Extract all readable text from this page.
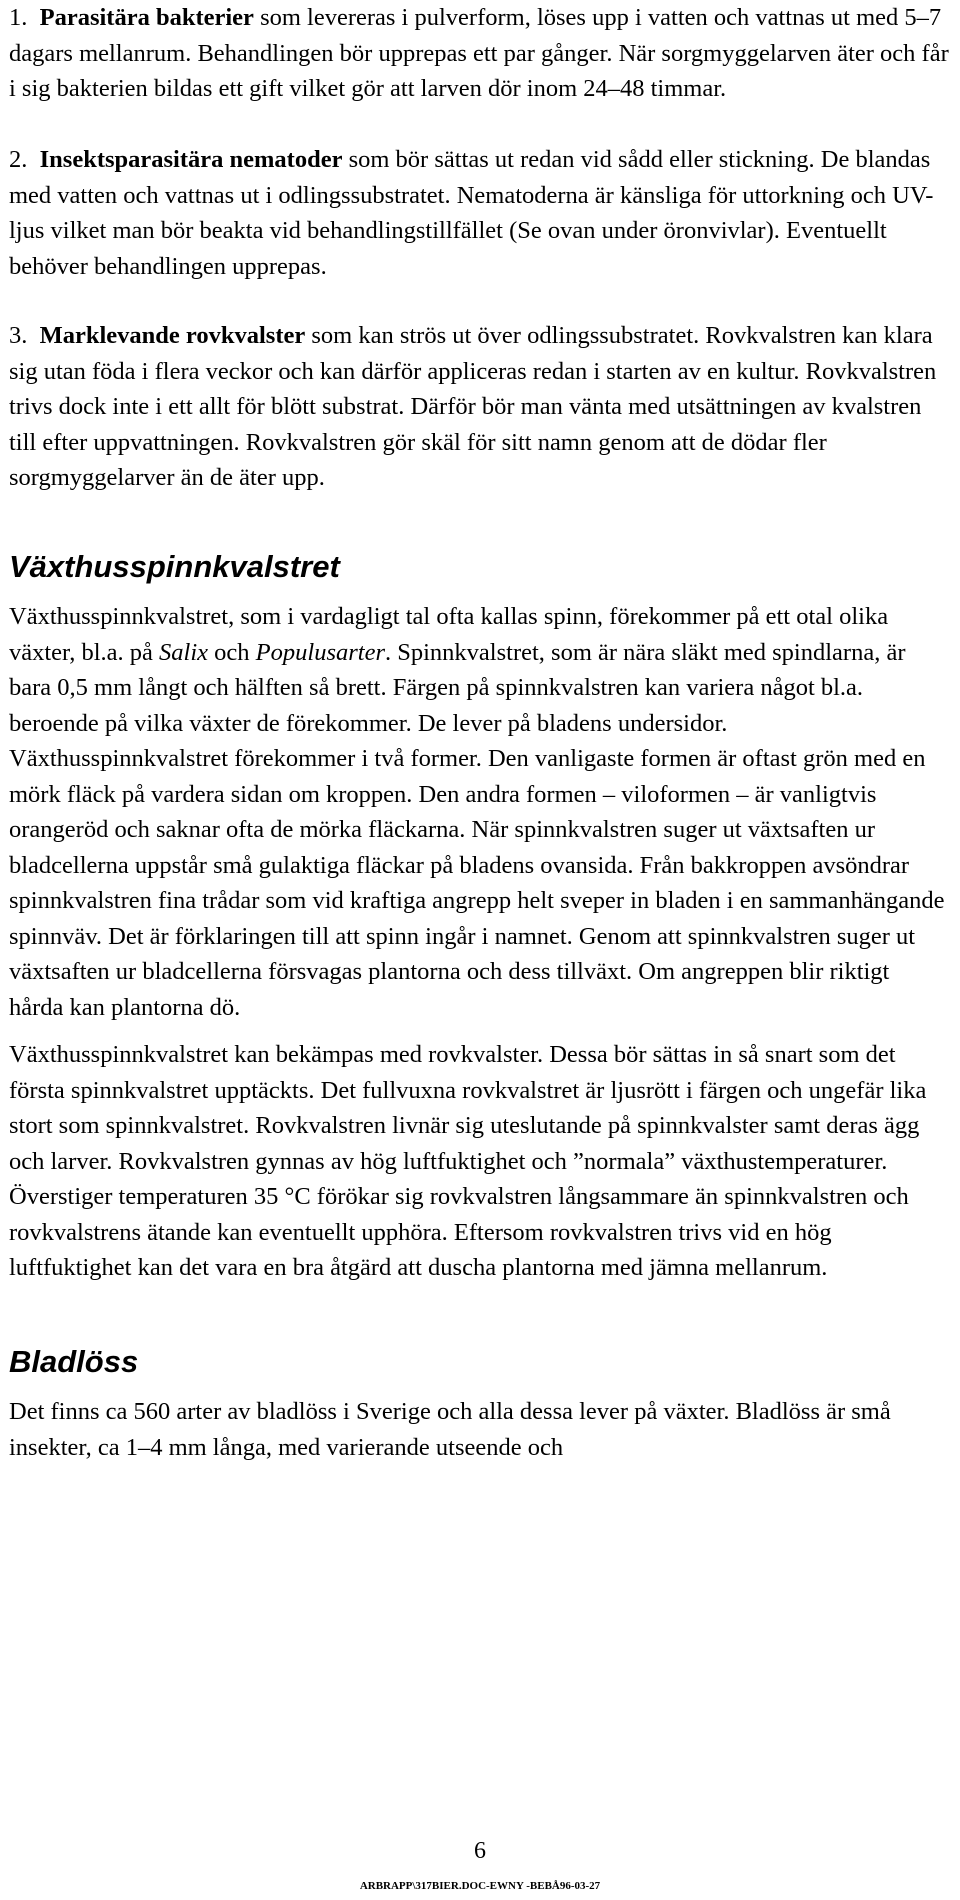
1. Parasitära bakterier som levereras i pulverform, löses upp i vatten och vattnas ut med 5–7 dagars mellanrum. Behandlingen bör upprepas ett par gånger. När sorgmyggelarven äter och får i sig bakterien bildas ett gift vilket gör att larven dör inom 24–48 timmar.

2. Insektsparasitära nematoder som bör sättas ut redan vid sådd eller stickning. De blandas med vatten och vattnas ut i odlingssubstratet. Nematoderna är känsliga för uttorkning och UV-ljus vilket man bör beakta vid behandlingstillfället (Se ovan under öronvivlar). Eventuellt behöver behandlingen upprepas.

3. Marklevande rovkvalster som kan strös ut över odlingssubstratet. Rovkvalstren kan klara sig utan föda i flera veckor och kan därför appliceras redan i starten av en kultur. Rovkvalstren trivs dock inte i ett allt för blött substrat. Därför bör man vänta med utsättningen av kvalstren till efter uppvattningen. Rovkvalstren gör skäl för sitt namn genom att de dödar fler sorgmyggelarver än de äter upp.

Växthusspinnkvalstret

Växthusspinnkvalstret, som i vardagligt tal ofta kallas spinn, förekommer på ett otal olika växter, bl.a. på Salix och Populusarter. Spinnkvalstret, som är nära släkt med spindlarna, är bara 0,5 mm långt och hälften så brett. Färgen på spinnkvalstren kan variera något bl.a. beroende på vilka växter de förekommer. De lever på bladens undersidor. Växthusspinnkvalstret förekommer i två former. Den vanligaste formen är oftast grön med en mörk fläck på vardera sidan om kroppen. Den andra formen – viloformen – är vanligtvis orangeröd och saknar ofta de mörka fläckarna. När spinnkvalstren suger ut växtsaften ur bladcellerna uppstår små gulaktiga fläckar på bladens ovansida. Från bakkroppen avsöndrar spinnkvalstren fina trådar som vid kraftiga angrepp helt sveper in bladen i en sammanhängande spinnväv. Det är förklaringen till att spinn ingår i namnet. Genom att spinnkvalstren suger ut växtsaften ur bladcellerna försvagas plantorna och dess tillväxt. Om angreppen blir riktigt hårda kan plantorna dö.

Växthusspinnkvalstret kan bekämpas med rovkvalster. Dessa bör sättas in så snart som det första spinnkvalstret upptäckts. Det fullvuxna rovkvalstret är ljusrött i färgen och ungefär lika stort som spinnkvalstret. Rovkvalstren livnär sig uteslutande på spinnkvalster samt deras ägg och larver. Rovkvalstren gynnas av hög luftfuktighet och ”normala” växthustemperaturer. Överstiger temperaturen 35 °C förökar sig rovkvalstren långsammare än spinnkvalstren och rovkvalstrens ätande kan eventuellt upphöra. Eftersom rovkvalstren trivs vid en hög luftfuktighet kan det vara en bra åtgärd att duscha plantorna med jämna mellanrum.

Bladlöss

Det finns ca 560 arter av bladlöss i Sverige och alla dessa lever på växter. Bladlöss är små insekter, ca 1–4 mm långa, med varierande utseende och

6
ARBRAPP\317BIER.DOC-EWNY -BEBÅ96-03-27
